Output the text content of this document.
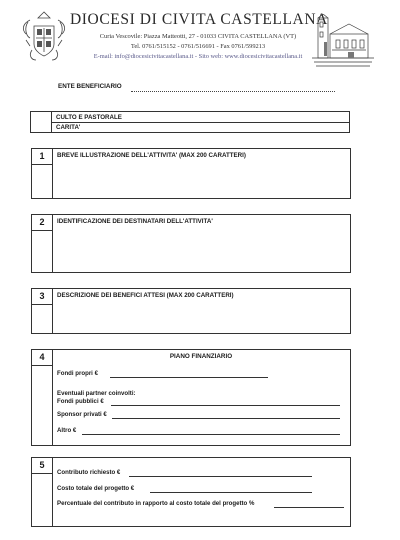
DIOCESI DI CIVITA CASTELLANA
Curia Vescovile: Piazza Matteotti, 27 - 01033 CIVITA CASTELLANA (VT)
Tel. 0761/515152 - 0761/516691 - Fax 0761/599213
E-mail: info@diocesicivitacastellana.it - Sito web: www.diocesicivitacastellana.it
ENTE BENEFICIARIO
CULTO E PASTORALE
CARITA'
1	BREVE ILLUSTRAZIONE DELL'ATTIVITA' (MAX 200 CARATTERI)
2	IDENTIFICAZIONE DEI DESTINATARI DELL'ATTIVITA'
3	DESCRIZIONE DEI BENEFICI ATTESI (MAX 200 CARATTERI)
4	PIANO FINANZIARIO
Fondi propri €
Eventuali partner coinvolti:
Fondi pubblici €
Sponsor privati €
Altro €
5
Contributo richiesto €
Costo totale del progetto €
Percentuale del contributo in rapporto al costo totale del progetto %
